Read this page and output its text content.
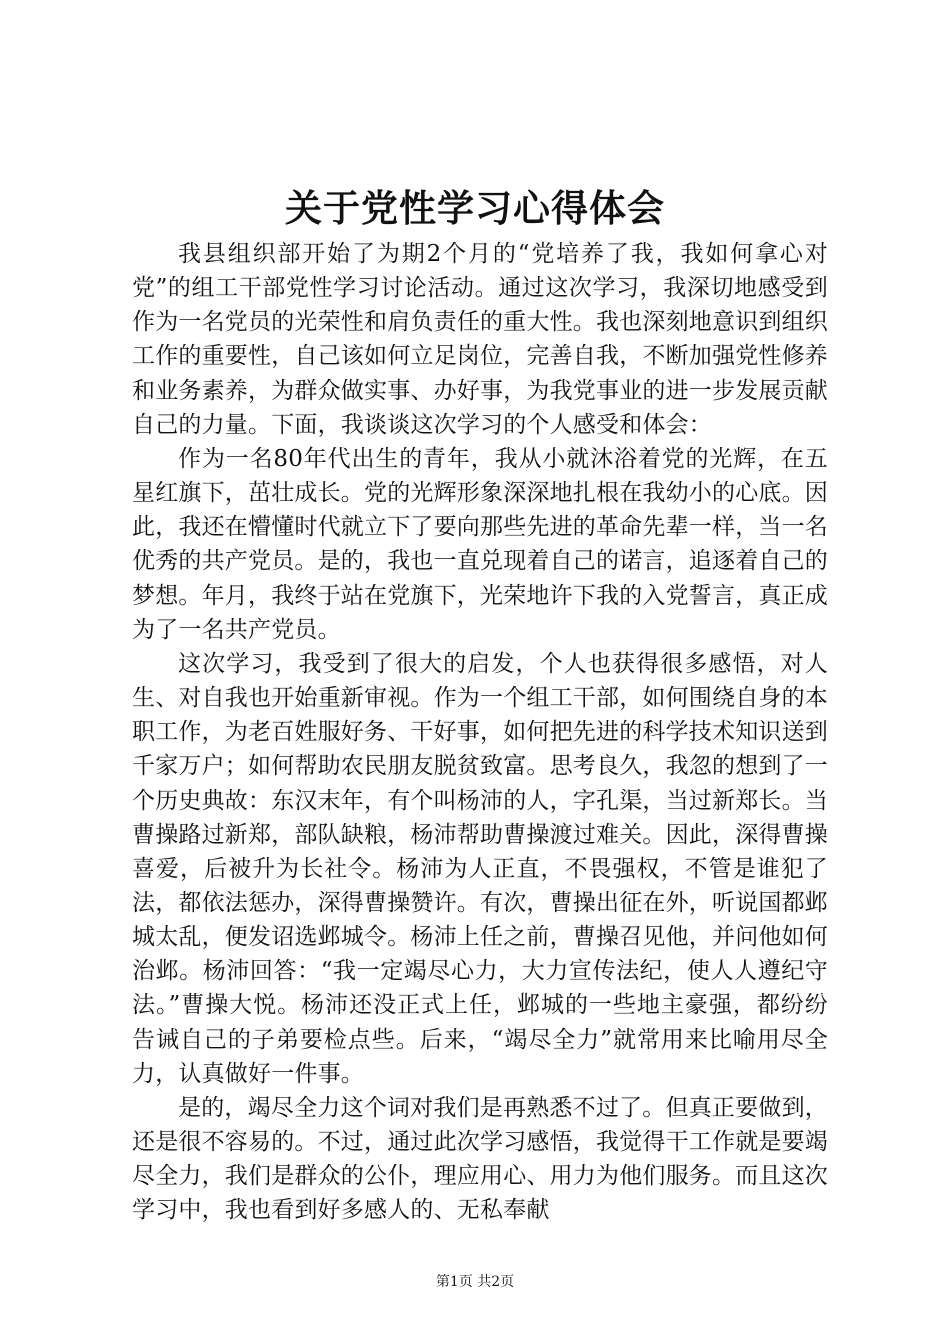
关于党性学习心得体会

我县组织部开始了为期2个月的“党培养了我，我如何拿心对党”的组工干部党性学习讨论活动。通过这次学习，我深切地感受到作为一名党员的光荣性和肩负责任的重大性。我也深刻地意识到组织工作的重要性，自己该如何立足岗位，完善自我，不断加强党性修养和业务素养，为群众做实事、办好事，为我党事业的进一步发展贡献自己的力量。下面，我谈谈这次学习的个人感受和体会：

作为一名80年代出生的青年，我从小就沐浴着党的光辉，在五星红旗下，茁壮成长。党的光辉形象深深地扎根在我幼小的心底。因此，我还在懵懂时代就立下了要向那些先进的革命先辈一样，当一名优秀的共产党员。是的，我也一直兑现着自己的诺言，追逐着自己的梦想。年月，我终于站在党旗下，光荣地许下我的入党誓言，真正成为了一名共产党员。

这次学习，我受到了很大的启发，个人也获得很多感悟，对人生、对自我也开始重新审视。作为一个组工干部，如何围绕自身的本职工作，为老百姓服好务、干好事，如何把先进的科学技术知识送到千家万户；如何帮助农民朋友脱贫致富。思考良久，我忽的想到了一个历史典故：东汉末年，有个叫杨沛的人，字孔渠，当过新郑长。当曹操路过新郑，部队缺粮，杨沛帮助曹操渡过难关。因此，深得曹操喜爱，后被升为长社令。杨沛为人正直，不畏强权，不管是谁犯了法，都依法惩办，深得曹操赞许。有次，曹操出征在外，听说国都邺城太乱，便发诏选邺城令。杨沛上任之前，曹操召见他，并问他如何治邺。杨沛回答：“我一定竭尽心力，大力宣传法纪，使人人遵纪守法。”曹操大悦。杨沛还没正式上任，邺城的一些地主豪强，都纷纷告诫自己的子弟要检点些。后来，“竭尽全力”就常用来比喻用尽全力，认真做好一件事。

是的，竭尽全力这个词对我们是再熟悉不过了。但真正要做到，还是很不容易的。不过，通过此次学习感悟，我觉得干工作就是要竭尽全力，我们是群众的公仆，理应用心、用力为他们服务。而且这次学习中，我也看到好多感人的、无私奉献

第1页 共2页
